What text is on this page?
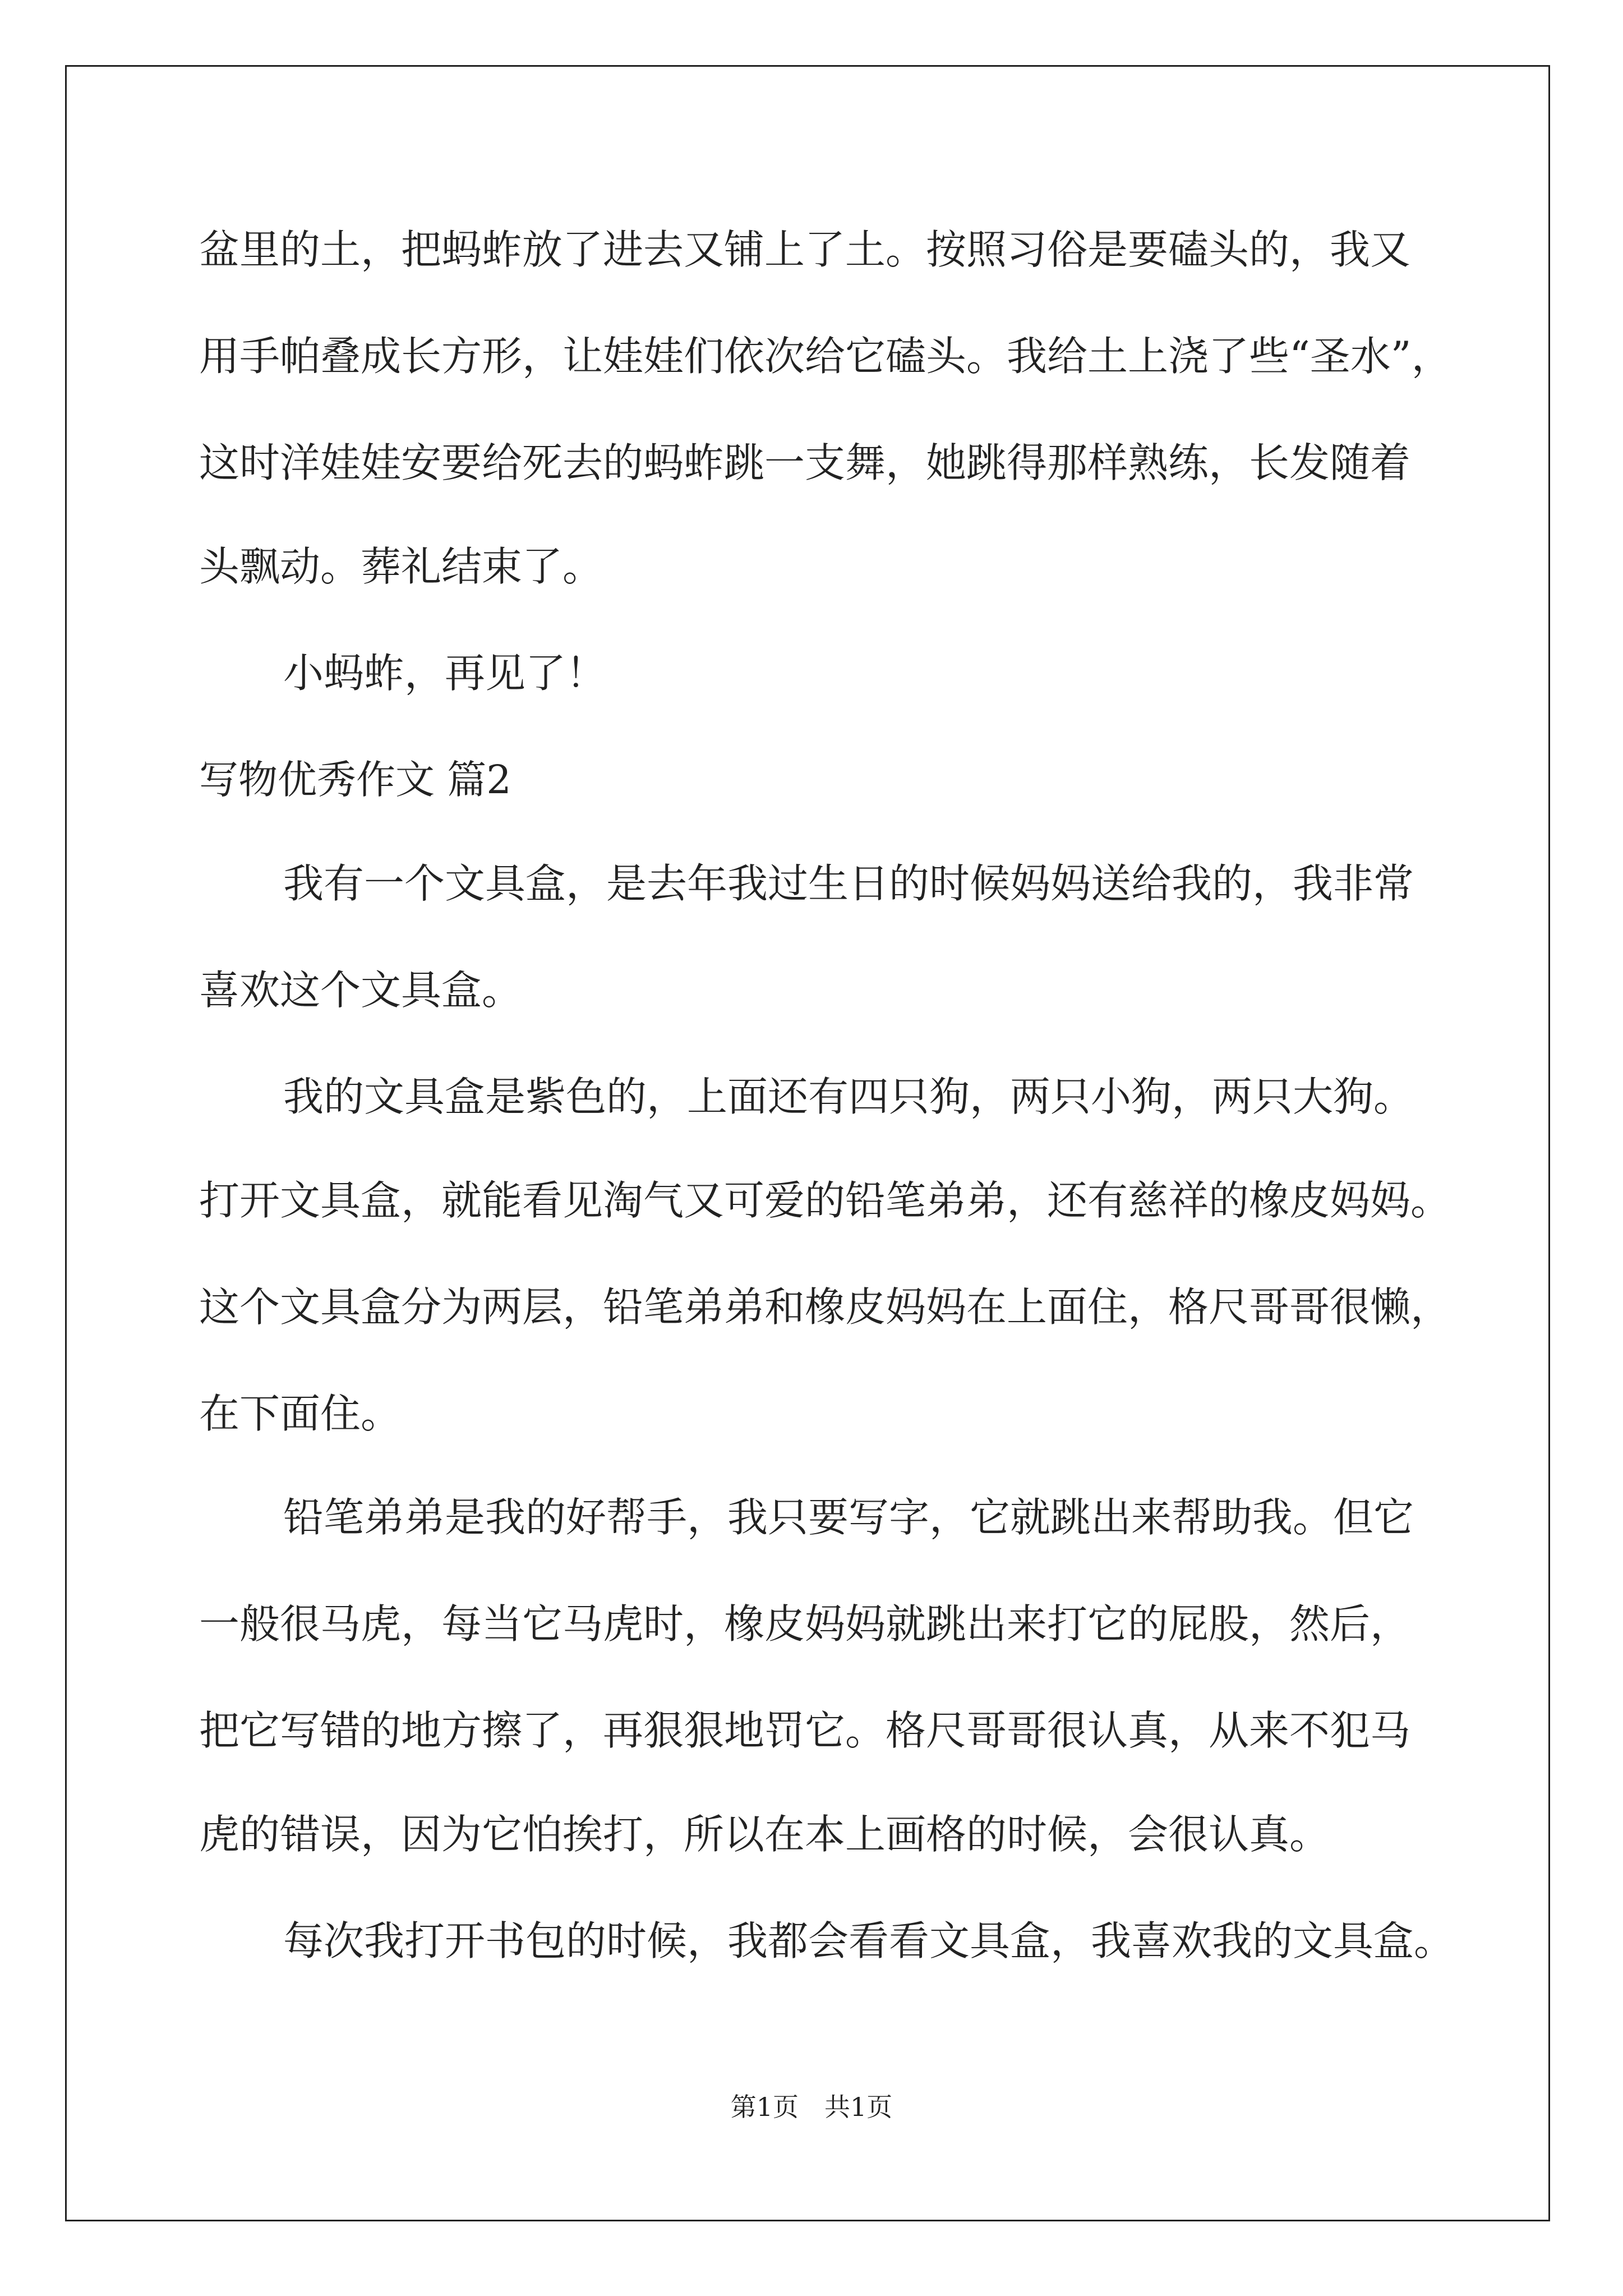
盆里的土，把蚂蚱放了进去又铺上了土。按照习俗是要磕头的，我又

用手帕叠成长方形，让娃娃们依次给它磕头。我给土上浇了些“圣水”，

这时洋娃娃安要给死去的蚂蚱跳一支舞，她跳得那样熟练，长发随着

头飘动。葬礼结束了。

小蚂蚱，再见了！

写物优秀作文 篇2

我有一个文具盒，是去年我过生日的时候妈妈送给我的，我非常

喜欢这个文具盒。

我的文具盒是紫色的，上面还有四只狗，两只小狗，两只大狗。

打开文具盒，就能看见淘气又可爱的铅笔弟弟，还有慈祥的橡皮妈妈。

这个文具盒分为两层，铅笔弟弟和橡皮妈妈在上面住，格尺哥哥很懒，

在下面住。

铅笔弟弟是我的好帮手，我只要写字，它就跳出来帮助我。但它

一般很马虎，每当它马虎时，橡皮妈妈就跳出来打它的屁股，然后，

把它写错的地方擦了，再狠狠地罚它。格尺哥哥很认真，从来不犯马

虎的错误，因为它怕挨打，所以在本上画格的时候，会很认真。

每次我打开书包的时候，我都会看看文具盒，我喜欢我的文具盒。

第1页　共1页
